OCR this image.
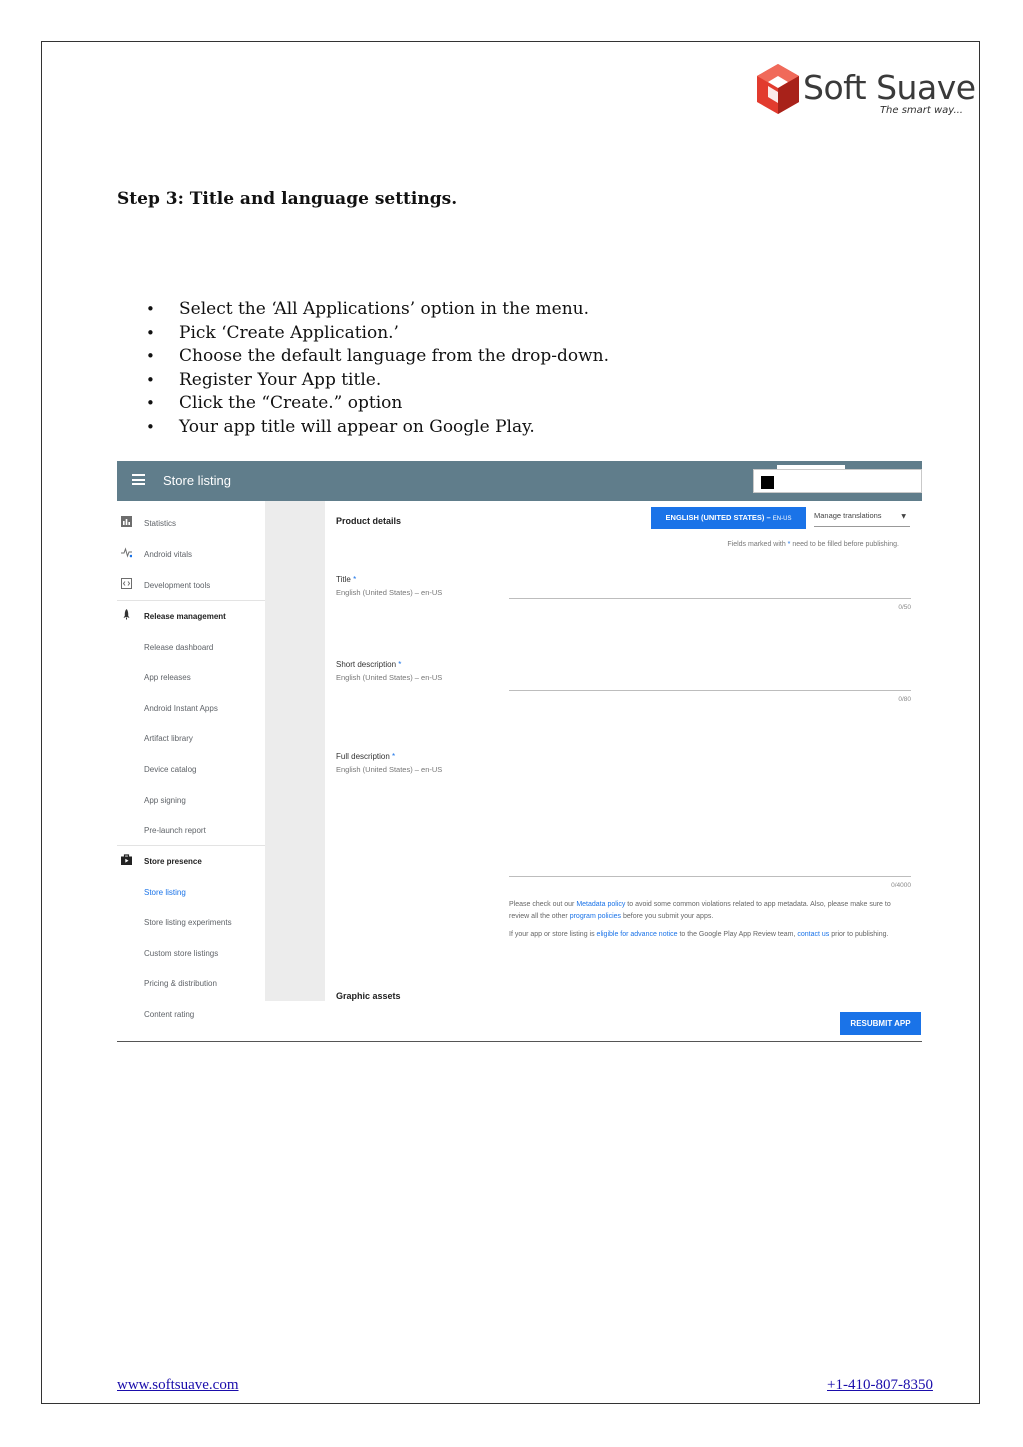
Soft Suave
The smart way...
Step 3: Title and language settings.
• Select the ‘All Applications’ option in the menu.
• Pick ‘Create Application.’
• Choose the default language from the drop-down.
• Register Your App title.
• Click the “Create.” option
• Your app title will appear on Google Play.
Store listing
Statistics
Android vitals
Development tools
Release management
Release dashboard
App releases
Android Instant Apps
Artifact library
Device catalog
App signing
Pre-launch report
Store presence
Store listing
Store listing experiments
Custom store listings
Pricing & distribution
Content rating
Product details	ENGLISH (UNITED STATES) – EN-US	Manage translations	▼
Fields marked with * need to be filled before publishing.
Title *
English (United States) – en-US
0/50
Short description *
English (United States) – en-US
0/80
Full description *
English (United States) – en-US
0/4000
Please check out our Metadata policy to avoid some common violations related to app metadata. Also, please make sure to review all the other program policies before you submit your apps.
If your app or store listing is eligible for advance notice to the Google Play App Review team, contact us prior to publishing.
Graphic assets
RESUBMIT APP
www.softsuave.com	+1-410-807-8350
